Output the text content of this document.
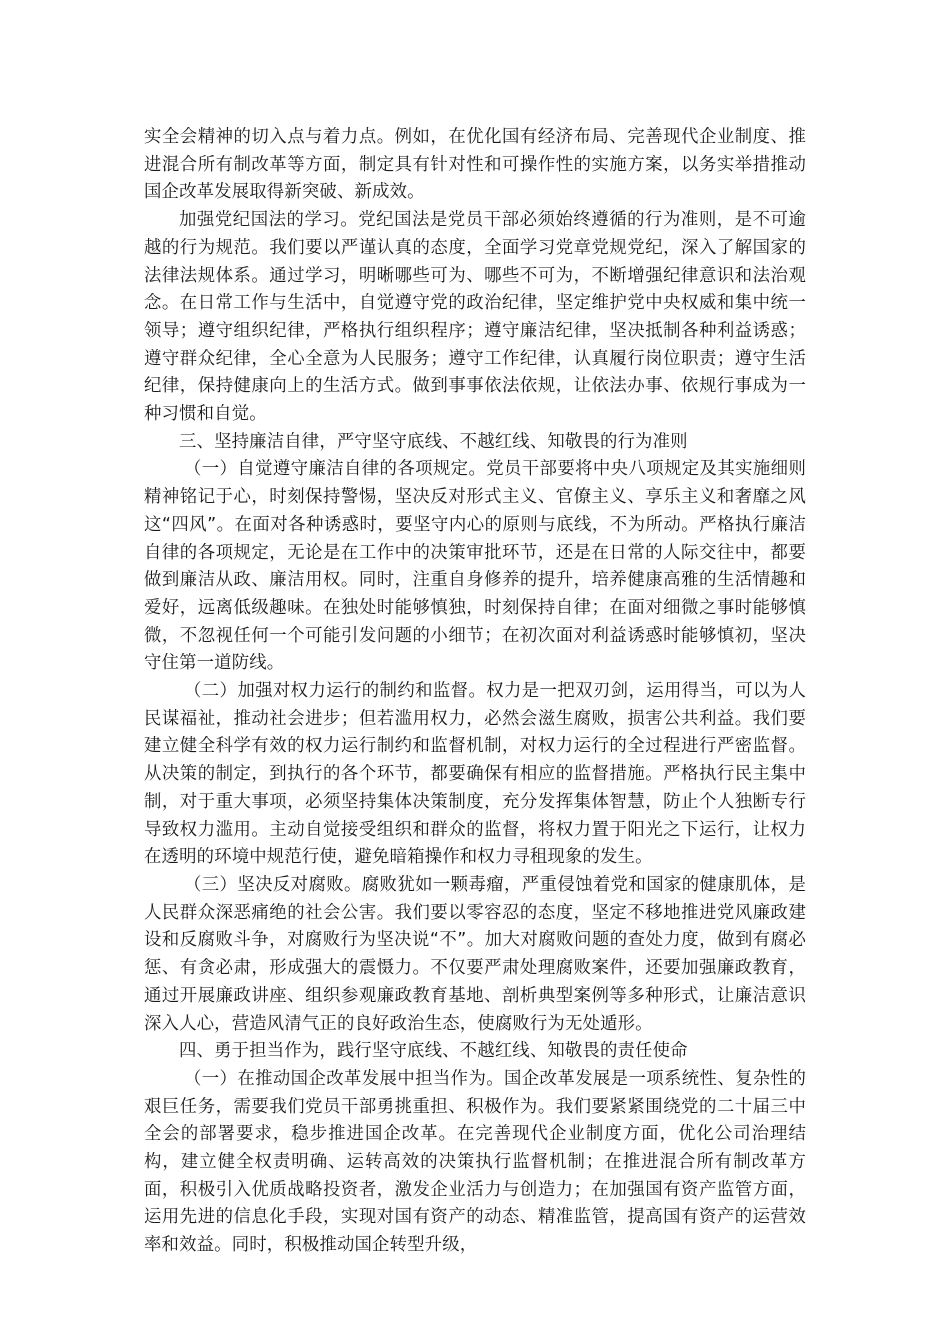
实全会精神的切入点与着力点。例如，在优化国有经济布局、完善现代企业制度、推进混合所有制改革等方面，制定具有针对性和可操作性的实施方案，以务实举措推动国企改革发展取得新突破、新成效。

加强党纪国法的学习。党纪国法是党员干部必须始终遵循的行为准则，是不可逾越的行为规范。我们要以严谨认真的态度，全面学习党章党规党纪，深入了解国家的法律法规体系。通过学习，明晰哪些可为、哪些不可为，不断增强纪律意识和法治观念。在日常工作与生活中，自觉遵守党的政治纪律，坚定维护党中央权威和集中统一领导；遵守组织纪律，严格执行组织程序；遵守廉洁纪律，坚决抵制各种利益诱惑；遵守群众纪律，全心全意为人民服务；遵守工作纪律，认真履行岗位职责；遵守生活纪律，保持健康向上的生活方式。做到事事依法依规，让依法办事、依规行事成为一种习惯和自觉。

三、坚持廉洁自律，严守坚守底线、不越红线、知敬畏的行为准则

（一）自觉遵守廉洁自律的各项规定。党员干部要将中央八项规定及其实施细则精神铭记于心，时刻保持警惕，坚决反对形式主义、官僚主义、享乐主义和奢靡之风这“四风”。在面对各种诱惑时，要坚守内心的原则与底线，不为所动。严格执行廉洁自律的各项规定，无论是在工作中的决策审批环节，还是在日常的人际交往中，都要做到廉洁从政、廉洁用权。同时，注重自身修养的提升，培养健康高雅的生活情趣和爱好，远离低级趣味。在独处时能够慎独，时刻保持自律；在面对细微之事时能够慎微，不忽视任何一个可能引发问题的小细节；在初次面对利益诱惑时能够慎初，坚决守住第一道防线。

（二）加强对权力运行的制约和监督。权力是一把双刃剑，运用得当，可以为人民谋福祉，推动社会进步；但若滥用权力，必然会滋生腐败，损害公共利益。我们要建立健全科学有效的权力运行制约和监督机制，对权力运行的全过程进行严密监督。从决策的制定，到执行的各个环节，都要确保有相应的监督措施。严格执行民主集中制，对于重大事项，必须坚持集体决策制度，充分发挥集体智慧，防止个人独断专行导致权力滥用。主动自觉接受组织和群众的监督，将权力置于阳光之下运行，让权力在透明的环境中规范行使，避免暗箱操作和权力寻租现象的发生。

（三）坚决反对腐败。腐败犹如一颗毒瘤，严重侵蚀着党和国家的健康肌体，是人民群众深恶痛绝的社会公害。我们要以零容忍的态度，坚定不移地推进党风廉政建设和反腐败斗争，对腐败行为坚决说“不”。加大对腐败问题的查处力度，做到有腐必惩、有贪必肃，形成强大的震慑力。不仅要严肃处理腐败案件，还要加强廉政教育，通过开展廉政讲座、组织参观廉政教育基地、剖析典型案例等多种形式，让廉洁意识深入人心，营造风清气正的良好政治生态，使腐败行为无处遁形。

四、勇于担当作为，践行坚守底线、不越红线、知敬畏的责任使命

（一）在推动国企改革发展中担当作为。国企改革发展是一项系统性、复杂性的艰巨任务，需要我们党员干部勇挑重担、积极作为。我们要紧紧围绕党的二十届三中全会的部署要求，稳步推进国企改革。在完善现代企业制度方面，优化公司治理结构，建立健全权责明确、运转高效的决策执行监督机制；在推进混合所有制改革方面，积极引入优质战略投资者，激发企业活力与创造力；在加强国有资产监管方面，运用先进的信息化手段，实现对国有资产的动态、精准监管，提高国有资产的运营效率和效益。同时，积极推动国企转型升级，
